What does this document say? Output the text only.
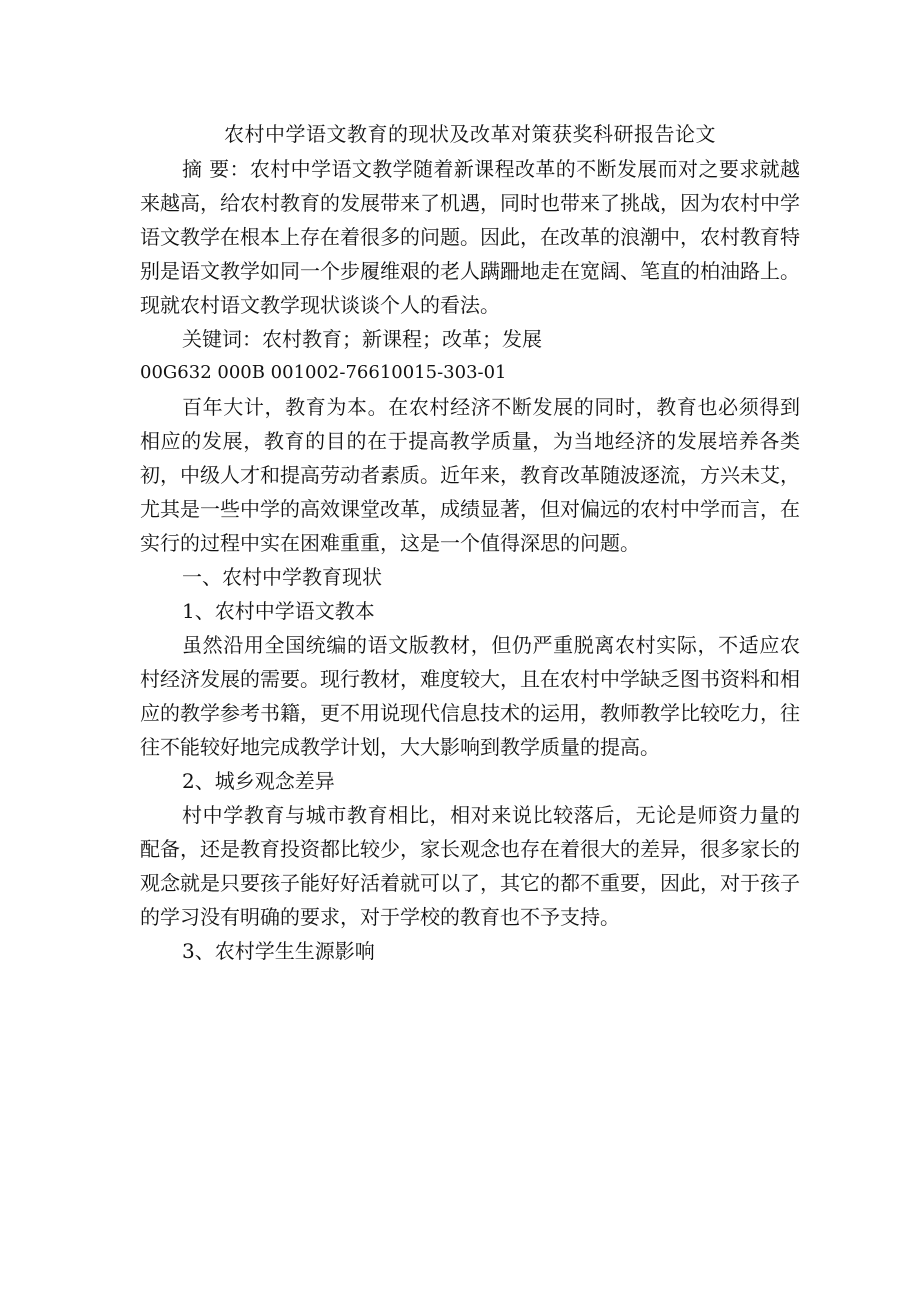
农村中学语文教育的现状及改革对策获奖科研报告论文

摘 要：农村中学语文教学随着新课程改革的不断发展而对之要求就越来越高，给农村教育的发展带来了机遇，同时也带来了挑战，因为农村中学语文教学在根本上存在着很多的问题。因此，在改革的浪潮中，农村教育特别是语文教学如同一个步履维艰的老人蹒跚地走在宽阔、笔直的柏油路上。现就农村语文教学现状谈谈个人的看法。

关键词：农村教育；新课程；改革；发展

00G632 000B 001002-76610015-303-01

百年大计，教育为本。在农村经济不断发展的同时，教育也必须得到相应的发展，教育的目的在于提高教学质量，为当地经济的发展培养各类初，中级人才和提高劳动者素质。近年来，教育改革随波逐流，方兴未艾，尤其是一些中学的高效课堂改革，成绩显著，但对偏远的农村中学而言，在实行的过程中实在困难重重，这是一个值得深思的问题。

一、农村中学教育现状

1、农村中学语文教本

虽然沿用全国统编的语文版教材，但仍严重脱离农村实际，不适应农村经济发展的需要。现行教材，难度较大，且在农村中学缺乏图书资料和相应的教学参考书籍，更不用说现代信息技术的运用，教师教学比较吃力，往往不能较好地完成教学计划，大大影响到教学质量的提高。

2、城乡观念差异

村中学教育与城市教育相比，相对来说比较落后，无论是师资力量的配备，还是教育投资都比较少，家长观念也存在着很大的差异，很多家长的观念就是只要孩子能好好活着就可以了，其它的都不重要，因此，对于孩子的学习没有明确的要求，对于学校的教育也不予支持。

3、农村学生生源影响
